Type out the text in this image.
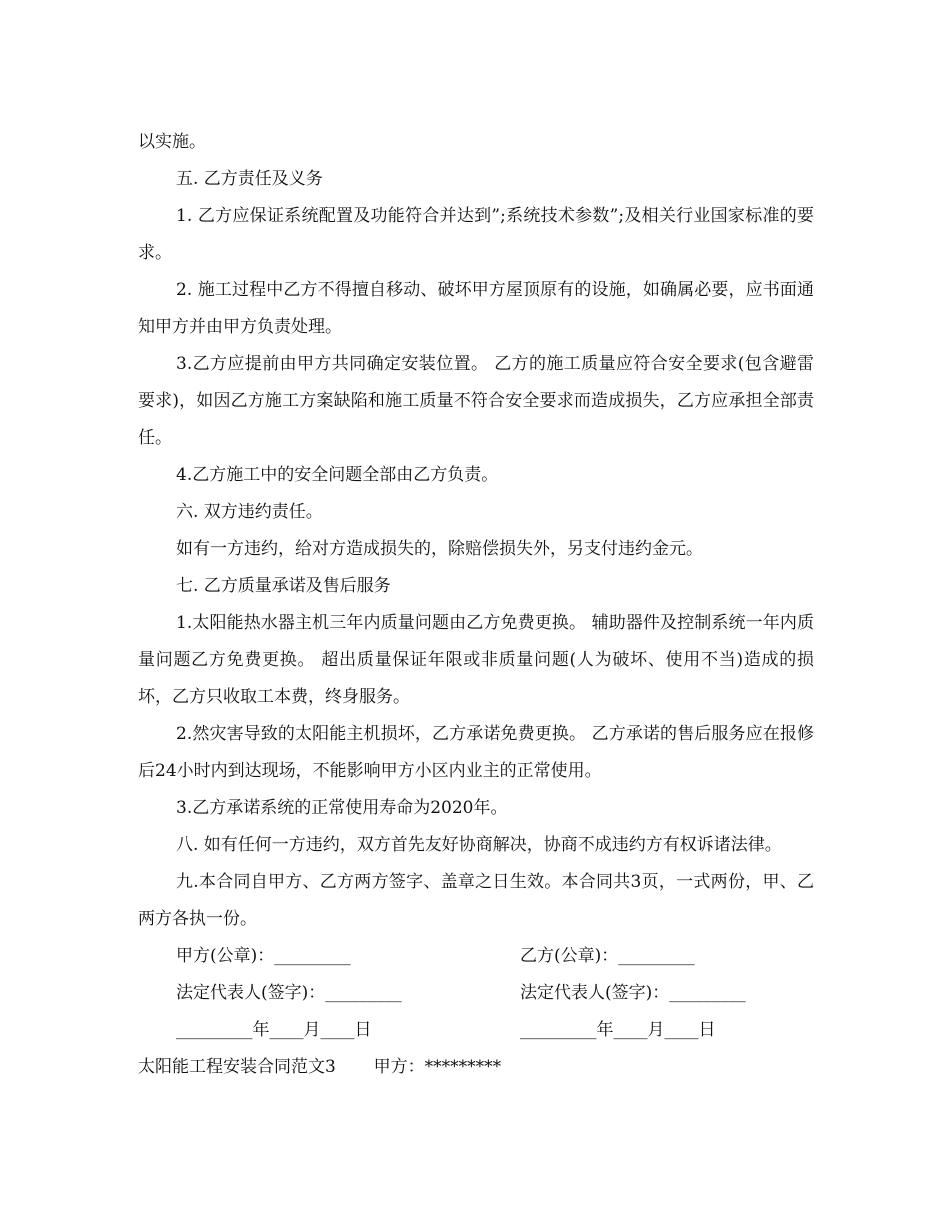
以实施。

五. 乙方责任及义务

1. 乙方应保证系统配置及功能符合并达到”;系统技术参数”;及相关行业国家标准的要求。

2. 施工过程中乙方不得擅自移动、破坏甲方屋顶原有的设施，如确属必要，应书面通知甲方并由甲方负责处理。

3.乙方应提前由甲方共同确定安装位置。 乙方的施工质量应符合安全要求(包含避雷要求)，如因乙方施工方案缺陷和施工质量不符合安全要求而造成损失，乙方应承担全部责任。

4.乙方施工中的安全问题全部由乙方负责。

六. 双方违约责任。

如有一方违约，给对方造成损失的，除赔偿损失外，另支付违约金元。

七. 乙方质量承诺及售后服务

1.太阳能热水器主机三年内质量问题由乙方免费更换。 辅助器件及控制系统一年内质量问题乙方免费更换。 超出质量保证年限或非质量问题(人为破坏、使用不当)造成的损坏，乙方只收取工本费，终身服务。

2.然灾害导致的太阳能主机损坏，乙方承诺免费更换。 乙方承诺的售后服务应在报修后24小时内到达现场，不能影响甲方小区内业主的正常使用。

3.乙方承诺系统的正常使用寿命为2020年。

八. 如有任何一方违约，双方首先友好协商解决，协商不成违约方有权诉诸法律。

九.本合同自甲方、乙方两方签字、盖章之日生效。本合同共3页，一式两份，甲、乙两方各执一份。

甲方(公章)：_________	乙方(公章)：_________
法定代表人(签字)：_________	法定代表人(签字)：_________
_________年____月____日	_________年____月____日
太阳能工程安装合同范文3 甲方：*********
